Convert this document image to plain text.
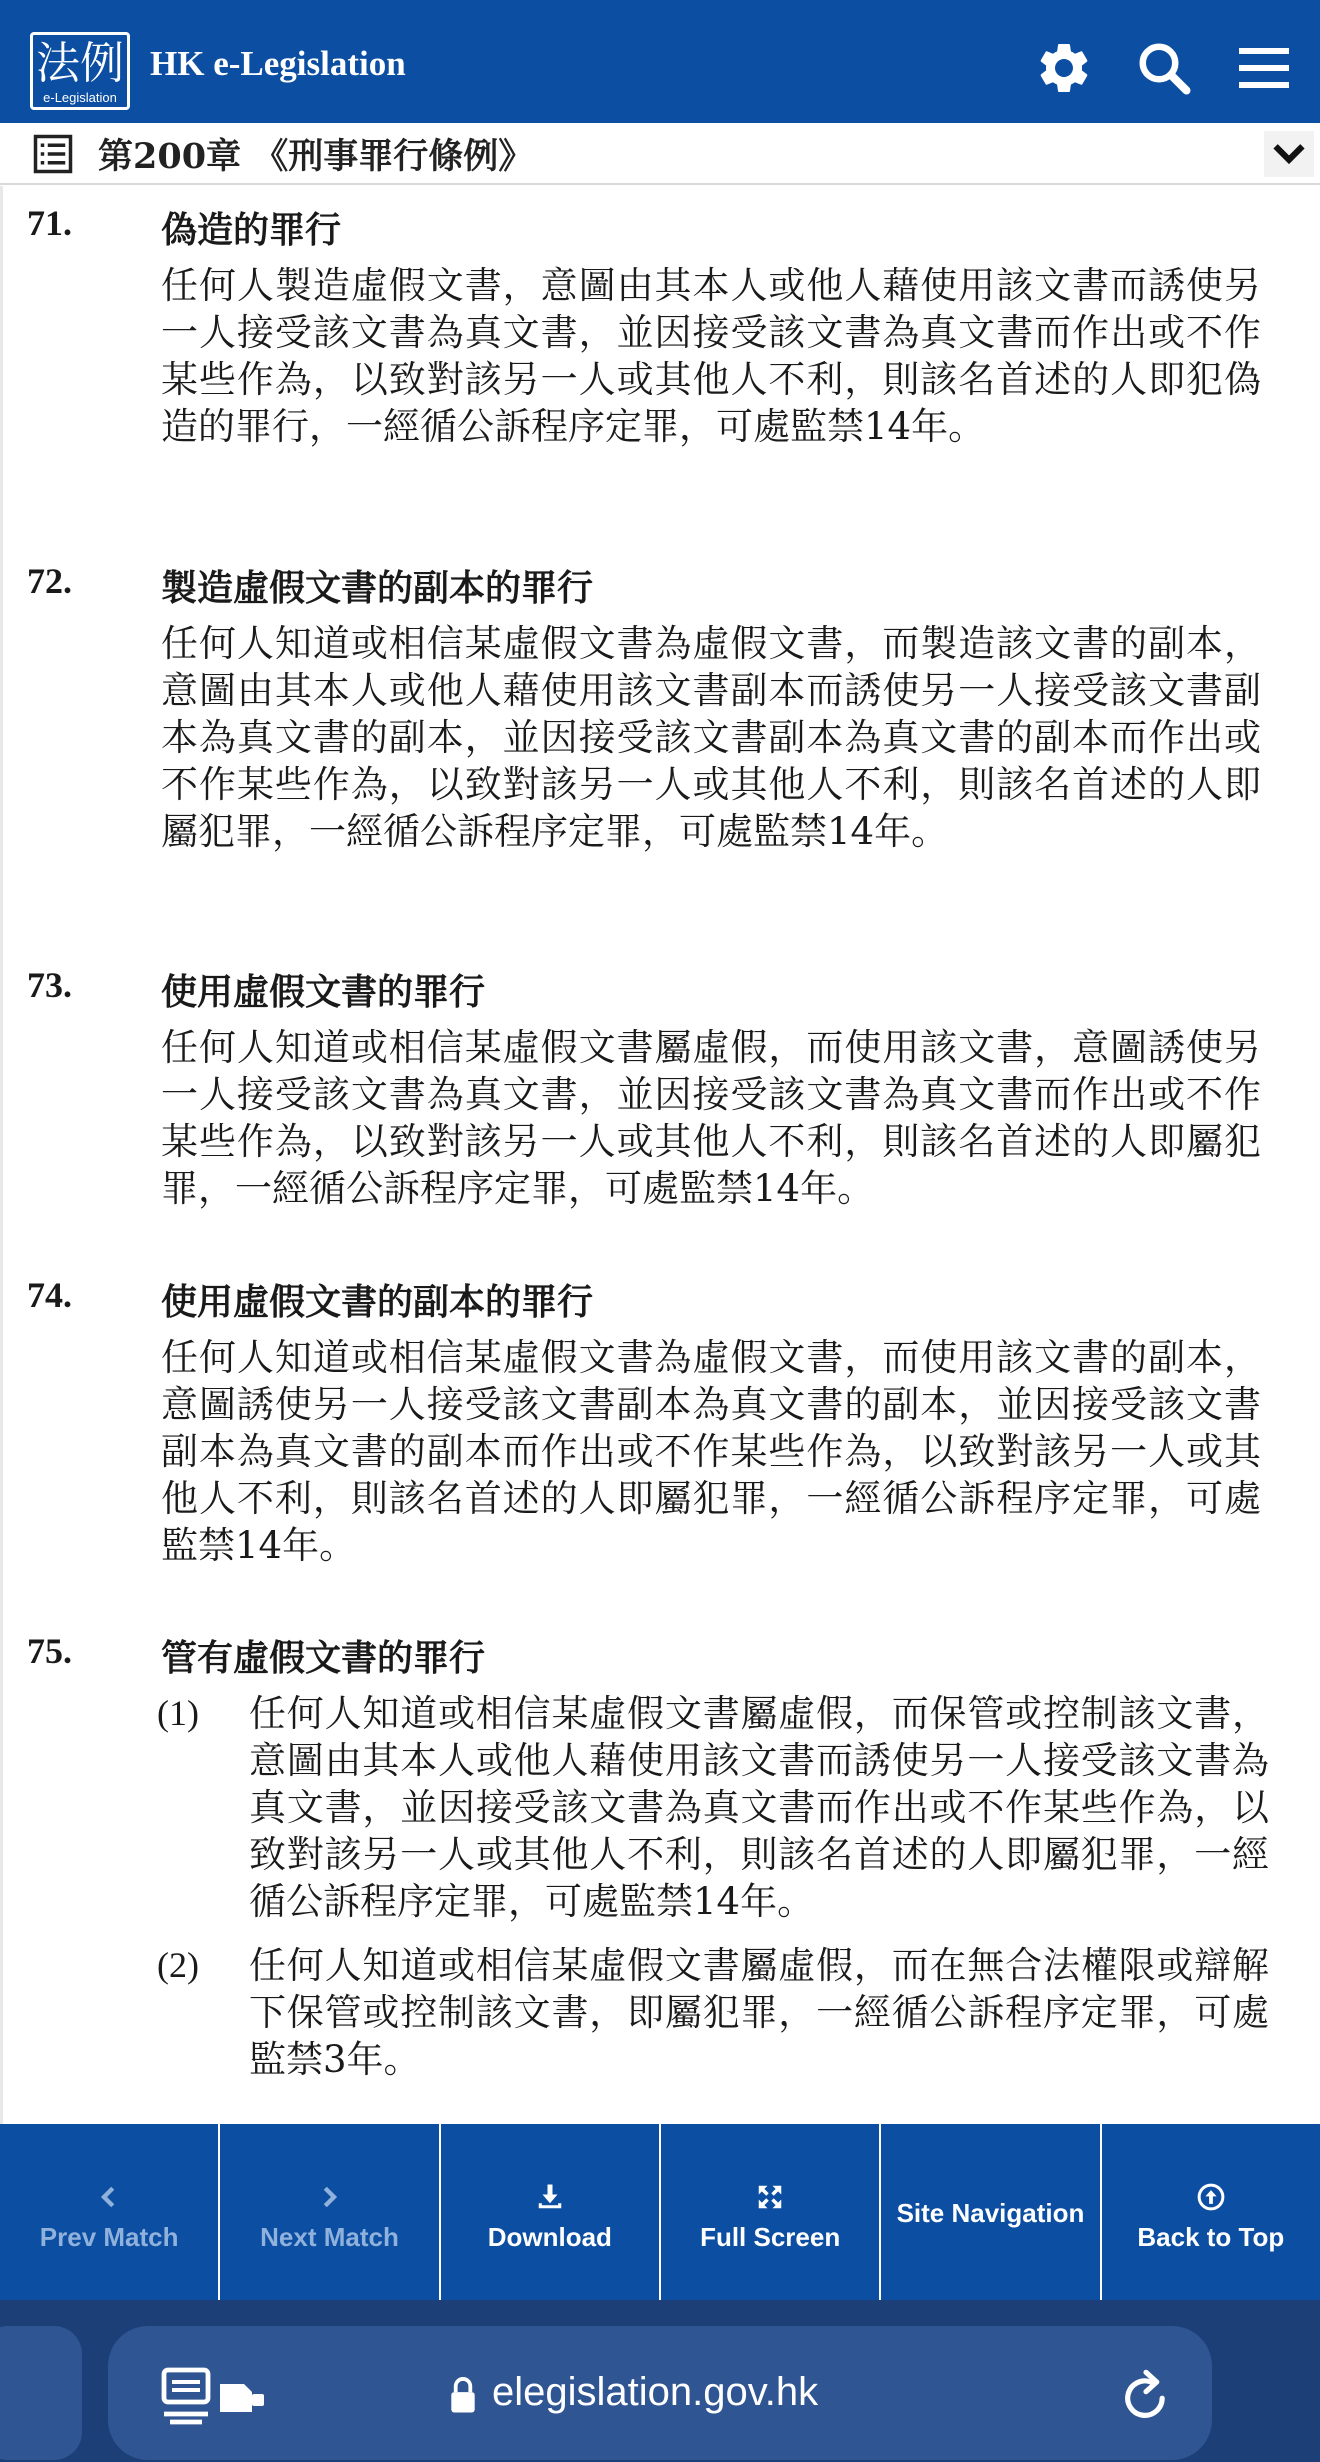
法例
e-Legislation
HK e-Legislation
第200章 《刑事罪行條例》
71. 偽造的罪行
任何人製造虛假文書，意圖由其本人或他人藉使用該文書而誘使另一人接受該文書為真文書，並因接受該文書為真文書而作出或不作某些作為，以致對該另一人或其他人不利，則該名首述的人即犯偽造的罪行，一經循公訴程序定罪，可處監禁14年。
72. 製造虛假文書的副本的罪行
任何人知道或相信某虛假文書為虛假文書，而製造該文書的副本，意圖由其本人或他人藉使用該文書副本而誘使另一人接受該文書副本為真文書的副本，並因接受該文書副本為真文書的副本而作出或不作某些作為，以致對該另一人或其他人不利，則該名首述的人即屬犯罪，一經循公訴程序定罪，可處監禁14年。
73. 使用虛假文書的罪行
任何人知道或相信某虛假文書屬虛假，而使用該文書，意圖誘使另一人接受該文書為真文書，並因接受該文書為真文書而作出或不作某些作為，以致對該另一人或其他人不利，則該名首述的人即屬犯罪，一經循公訴程序定罪，可處監禁14年。
74. 使用虛假文書的副本的罪行
任何人知道或相信某虛假文書為虛假文書，而使用該文書的副本，意圖誘使另一人接受該文書副本為真文書的副本，並因接受該文書副本為真文書的副本而作出或不作某些作為，以致對該另一人或其他人不利，則該名首述的人即屬犯罪，一經循公訴程序定罪，可處監禁14年。
75. 管有虛假文書的罪行
(1) 任何人知道或相信某虛假文書屬虛假，而保管或控制該文書，意圖由其本人或他人藉使用該文書而誘使另一人接受該文書為真文書，並因接受該文書為真文書而作出或不作某些作為，以致對該另一人或其他人不利，則該名首述的人即屬犯罪，一經循公訴程序定罪，可處監禁14年。
(2) 任何人知道或相信某虛假文書屬虛假，而在無合法權限或辯解下保管或控制該文書，即屬犯罪，一經循公訴程序定罪，可處監禁3年。
Prev Match	Next Match	Download	Full Screen
Site Navigation
Back to Top
elegislation.gov.hk
